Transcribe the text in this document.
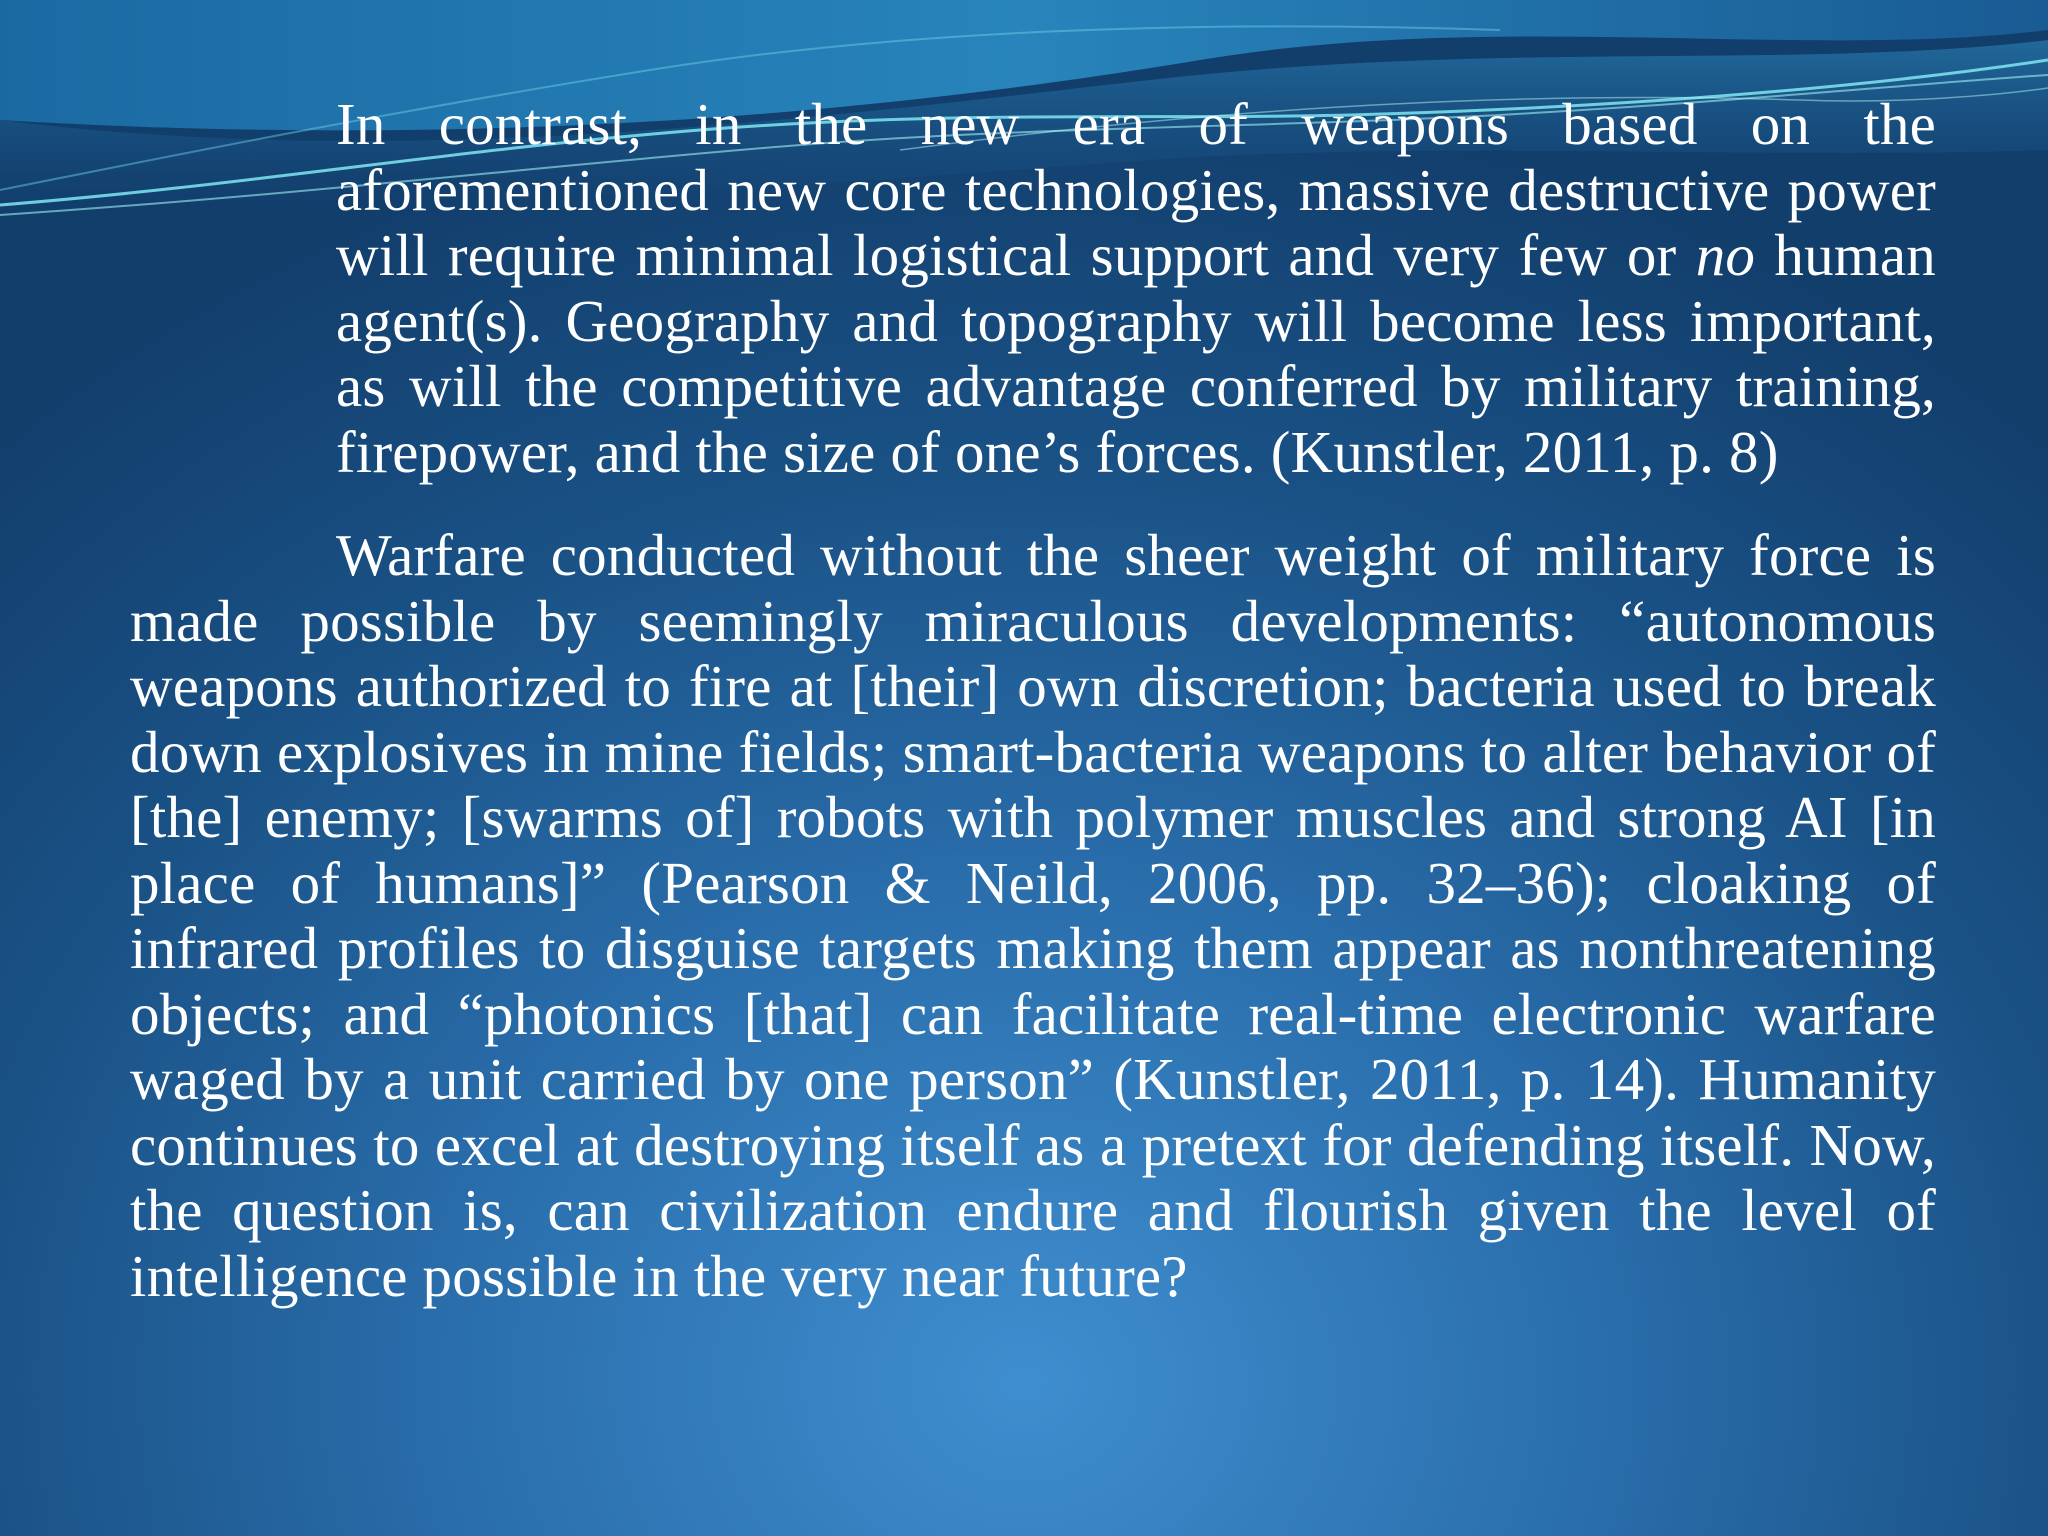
In contrast, in the new era of weapons based on the aforementioned new core technologies, massive destructive power will require minimal logistical support and very few or no human agent(s). Geography and topography will become less important, as will the competitive advantage conferred by military training, firepower, and the size of one’s forces. (Kunstler, 2011, p. 8)

Warfare conducted without the sheer weight of military force is made possible by seemingly miraculous developments: “autonomous weapons authorized to fire at [their] own discretion; bacteria used to break down explosives in mine fields; smart-bacteria weapons to alter behavior of [the] enemy; [swarms of] robots with polymer muscles and strong AI [in place of humans]” (Pearson & Neild, 2006, pp. 32–36); cloaking of infrared profiles to disguise targets making them appear as nonthreatening objects; and “photonics [that] can facilitate real-time electronic warfare waged by a unit carried by one person” (Kunstler, 2011, p. 14). Humanity continues to excel at destroying itself as a pretext for defending itself. Now, the question is, can civilization endure and flourish given the level of intelligence possible in the very near future?
